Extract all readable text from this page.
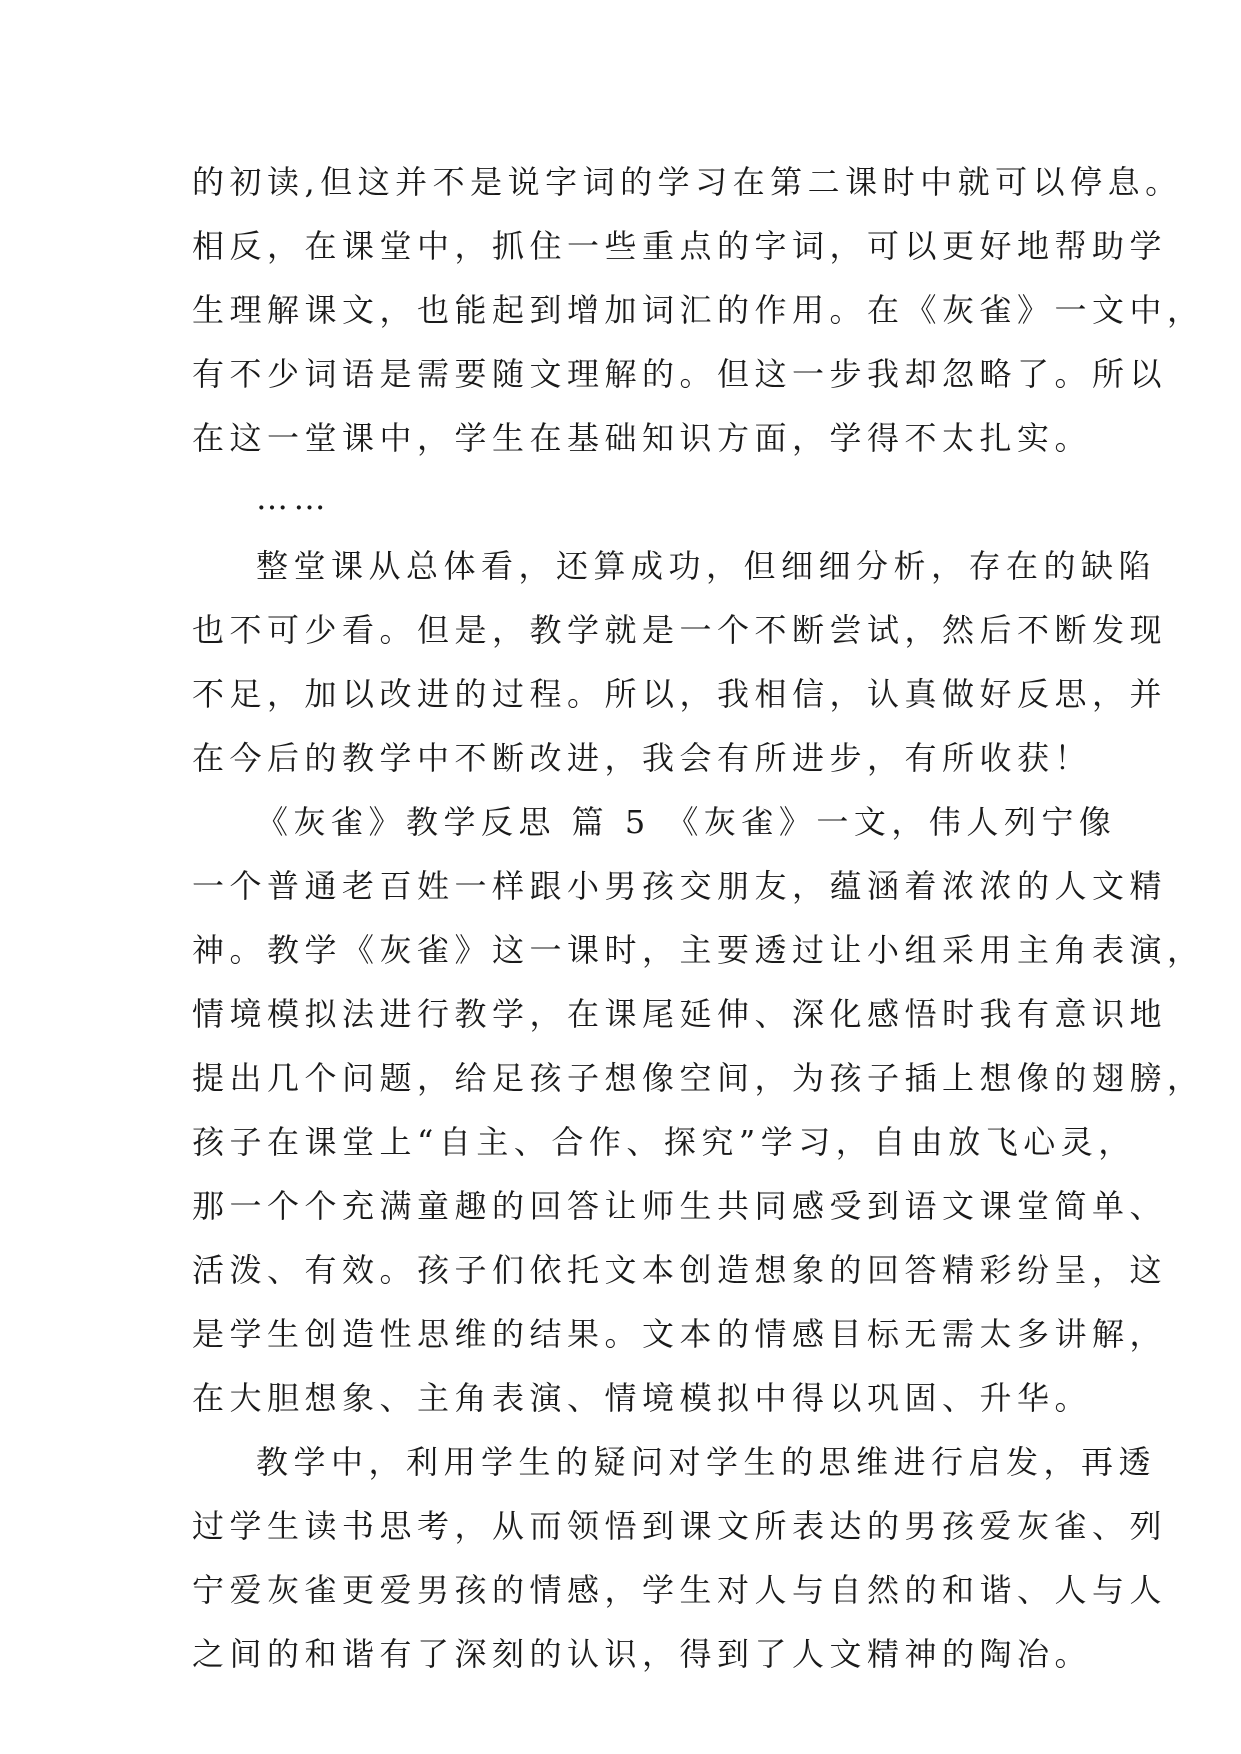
的初读,但这并不是说字词的学习在第二课时中就可以停息。
相反，在课堂中，抓住一些重点的字词，可以更好地帮助学
生理解课文，也能起到增加词汇的作用。在《灰雀》一文中，
有不少词语是需要随文理解的。但这一步我却忽略了。所以
在这一堂课中，学生在基础知识方面，学得不太扎实。
……
整堂课从总体看，还算成功，但细细分析，存在的缺陷
也不可少看。但是，教学就是一个不断尝试，然后不断发现
不足，加以改进的过程。所以，我相信，认真做好反思，并
在今后的教学中不断改进，我会有所进步，有所收获！
《灰雀》教学反思 篇 5 《灰雀》一文，伟人列宁像
一个普通老百姓一样跟小男孩交朋友，蕴涵着浓浓的人文精
神。教学《灰雀》这一课时，主要透过让小组采用主角表演，
情境模拟法进行教学，在课尾延伸、深化感悟时我有意识地
提出几个问题，给足孩子想像空间，为孩子插上想像的翅膀，
孩子在课堂上“自主、合作、探究”学习，自由放飞心灵，
那一个个充满童趣的回答让师生共同感受到语文课堂简单、
活泼、有效。孩子们依托文本创造想象的回答精彩纷呈，这
是学生创造性思维的结果。文本的情感目标无需太多讲解，
在大胆想象、主角表演、情境模拟中得以巩固、升华。
教学中，利用学生的疑问对学生的思维进行启发，再透
过学生读书思考，从而领悟到课文所表达的男孩爱灰雀、列
宁爱灰雀更爱男孩的情感，学生对人与自然的和谐、人与人
之间的和谐有了深刻的认识，得到了人文精神的陶冶。
